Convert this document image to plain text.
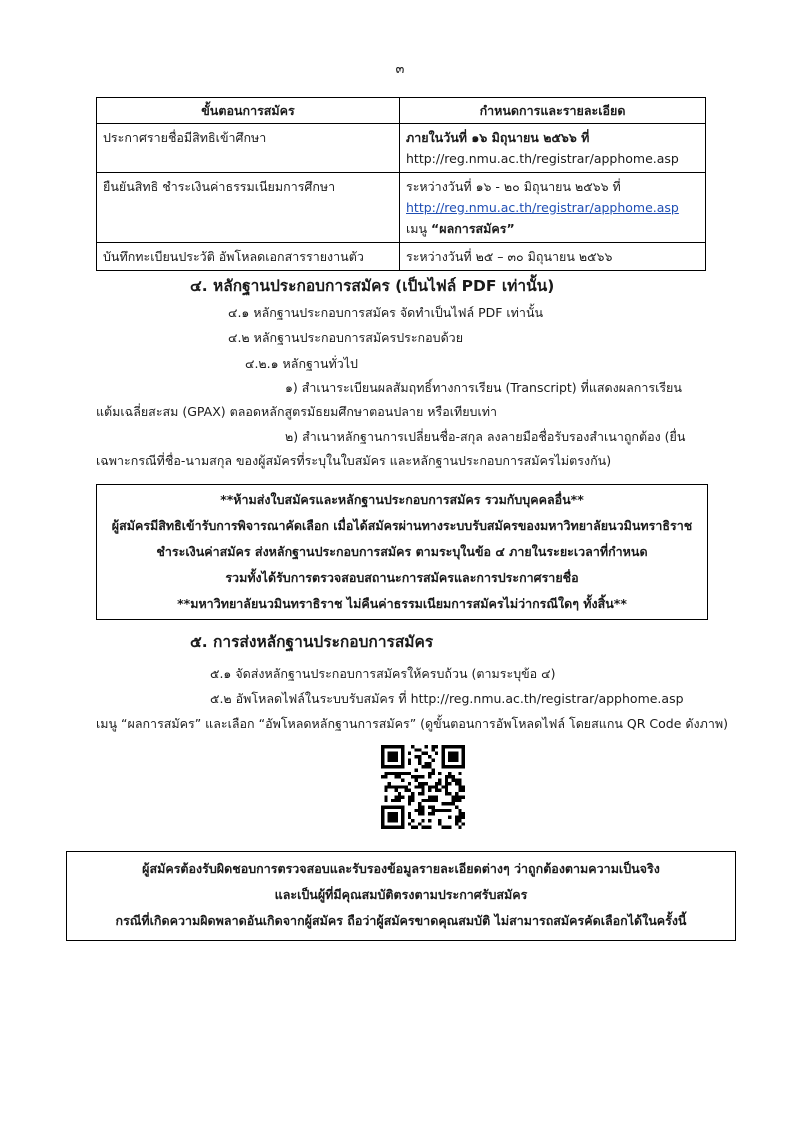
๓
ขั้นตอนการสมัคร	กำหนดการและรายละเอียด
ประกาศรายชื่อมีสิทธิเข้าศึกษา	ภายในวันที่ ๑๖ มิถุนายน ๒๕๖๖ ที่
http://reg.nmu.ac.th/registrar/apphome.asp

ยืนยันสิทธิ ชำระเงินค่าธรรมเนียมการศึกษา	ระหว่างวันที่ ๑๖ - ๒๐ มิถุนายน ๒๕๖๖ ที่
http://reg.nmu.ac.th/registrar/apphome.asp
เมนู “ผลการสมัคร”

บันทึกทะเบียนประวัติ อัพโหลดเอกสารรายงานตัว	ระหว่างวันที่ ๒๕ – ๓๐ มิถุนายน ๒๕๖๖
๔. หลักฐานประกอบการสมัคร (เป็นไฟล์ PDF เท่านั้น)
๔.๑ หลักฐานประกอบการสมัคร จัดทำเป็นไฟล์ PDF เท่านั้น
๔.๒ หลักฐานประกอบการสมัครประกอบด้วย
๔.๒.๑ หลักฐานทั่วไป
๑) สำเนาระเบียนผลสัมฤทธิ์ทางการเรียน (Transcript) ที่แสดงผลการเรียน
แต้มเฉลี่ยสะสม (GPAX) ตลอดหลักสูตรมัธยมศึกษาตอนปลาย หรือเทียบเท่า
๒) สำเนาหลักฐานการเปลี่ยนชื่อ-สกุล ลงลายมือชื่อรับรองสำเนาถูกต้อง (ยื่น
เฉพาะกรณีที่ชื่อ-นามสกุล ของผู้สมัครที่ระบุในใบสมัคร และหลักฐานประกอบการสมัครไม่ตรงกัน)

**ห้ามส่งใบสมัครและหลักฐานประกอบการสมัคร รวมกับบุคคลอื่น**

ผู้สมัครมีสิทธิเข้ารับการพิจารณาคัดเลือก เมื่อได้สมัครผ่านทางระบบรับสมัครของมหาวิทยาลัยนวมินทราธิราช

ชำระเงินค่าสมัคร ส่งหลักฐานประกอบการสมัคร ตามระบุในข้อ ๔ ภายในระยะเวลาที่กำหนด

รวมทั้งได้รับการตรวจสอบสถานะการสมัครและการประกาศรายชื่อ

**มหาวิทยาลัยนวมินทราธิราช ไม่คืนค่าธรรมเนียมการสมัครไม่ว่ากรณีใดๆ ทั้งสิ้น**

๕. การส่งหลักฐานประกอบการสมัคร
๕.๑ จัดส่งหลักฐานประกอบการสมัครให้ครบถ้วน (ตามระบุข้อ ๔)
๕.๒ อัพโหลดไฟล์ในระบบรับสมัคร ที่ http://reg.nmu.ac.th/registrar/apphome.asp
เมนู “ผลการสมัคร” และเลือก “อัพโหลดหลักฐานการสมัคร” (ดูขั้นตอนการอัพโหลดไฟล์ โดยสแกน QR Code ดังภาพ)

ผู้สมัครต้องรับผิดชอบการตรวจสอบและรับรองข้อมูลรายละเอียดต่างๆ ว่าถูกต้องตามความเป็นจริง

และเป็นผู้ที่มีคุณสมบัติตรงตามประกาศรับสมัคร

กรณีที่เกิดความผิดพลาดอันเกิดจากผู้สมัคร ถือว่าผู้สมัครขาดคุณสมบัติ ไม่สามารถสมัครคัดเลือกได้ในครั้งนี้
